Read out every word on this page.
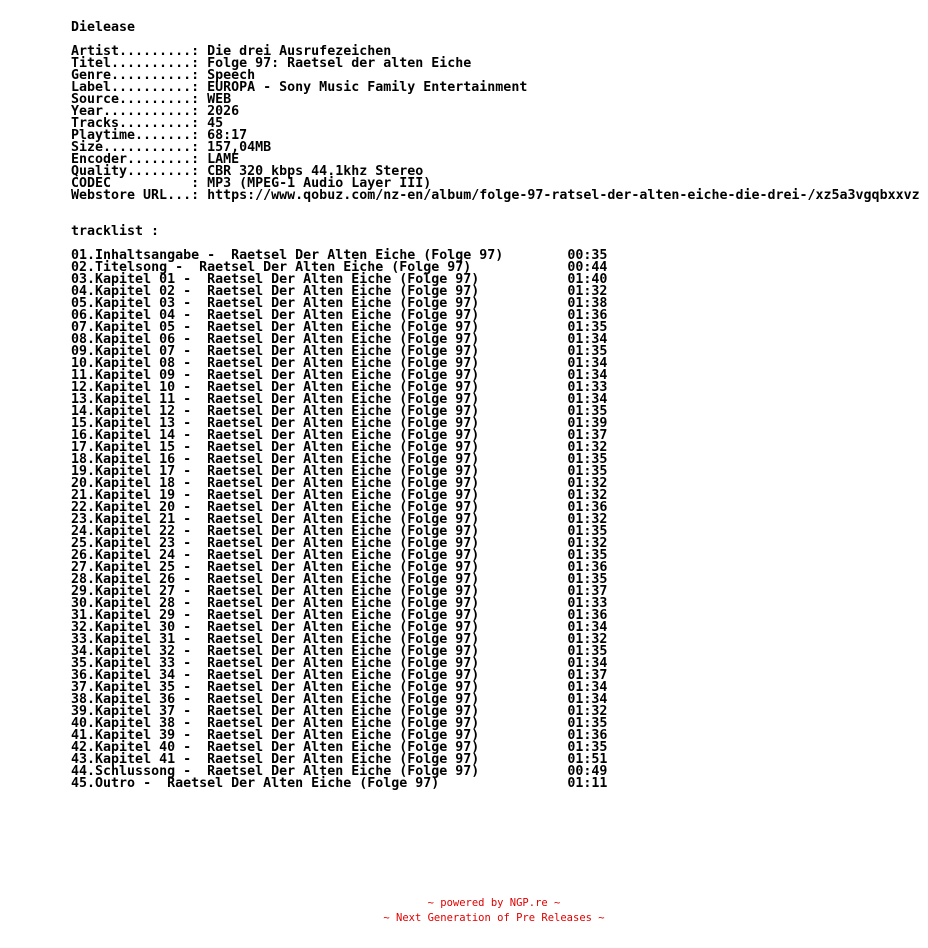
Dielease
Artist.........: Die drei Ausrufezeichen
Titel..........: Folge 97: Raetsel der alten Eiche
Genre..........: Speech
Label..........: EUROPA - Sony Music Family Entertainment
Source.........: WEB
Year...........: 2026
Tracks.........: 45
Playtime.......: 68:17
Size...........: 157,04MB
Encoder........: LAME
Quality........: CBR 320 kbps 44.1khz Stereo
CODEC          : MP3 (MPEG-1 Audio Layer III)
Webstore URL...: https://www.qobuz.com/nz-en/album/folge-97-ratsel-der-alten-eiche-die-drei-/xz5a3vgqbxxvz
tracklist :
01.Inhaltsangabe -  Raetsel Der Alten Eiche (Folge 97)	00:35
02.Titelsong -  Raetsel Der Alten Eiche (Folge 97)	00:44
03.Kapitel 01 -  Raetsel Der Alten Eiche (Folge 97)	01:40
04.Kapitel 02 -  Raetsel Der Alten Eiche (Folge 97)	01:32
05.Kapitel 03 -  Raetsel Der Alten Eiche (Folge 97)	01:38
06.Kapitel 04 -  Raetsel Der Alten Eiche (Folge 97)	01:36
07.Kapitel 05 -  Raetsel Der Alten Eiche (Folge 97)	01:35
08.Kapitel 06 -  Raetsel Der Alten Eiche (Folge 97)	01:34
09.Kapitel 07 -  Raetsel Der Alten Eiche (Folge 97)	01:35
10.Kapitel 08 -  Raetsel Der Alten Eiche (Folge 97)	01:34
11.Kapitel 09 -  Raetsel Der Alten Eiche (Folge 97)	01:34
12.Kapitel 10 -  Raetsel Der Alten Eiche (Folge 97)	01:33
13.Kapitel 11 -  Raetsel Der Alten Eiche (Folge 97)	01:34
14.Kapitel 12 -  Raetsel Der Alten Eiche (Folge 97)	01:35
15.Kapitel 13 -  Raetsel Der Alten Eiche (Folge 97)	01:39
16.Kapitel 14 -  Raetsel Der Alten Eiche (Folge 97)	01:37
17.Kapitel 15 -  Raetsel Der Alten Eiche (Folge 97)	01:32
18.Kapitel 16 -  Raetsel Der Alten Eiche (Folge 97)	01:35
19.Kapitel 17 -  Raetsel Der Alten Eiche (Folge 97)	01:35
20.Kapitel 18 -  Raetsel Der Alten Eiche (Folge 97)	01:32
21.Kapitel 19 -  Raetsel Der Alten Eiche (Folge 97)	01:32
22.Kapitel 20 -  Raetsel Der Alten Eiche (Folge 97)	01:36
23.Kapitel 21 -  Raetsel Der Alten Eiche (Folge 97)	01:32
24.Kapitel 22 -  Raetsel Der Alten Eiche (Folge 97)	01:35
25.Kapitel 23 -  Raetsel Der Alten Eiche (Folge 97)	01:32
26.Kapitel 24 -  Raetsel Der Alten Eiche (Folge 97)	01:35
27.Kapitel 25 -  Raetsel Der Alten Eiche (Folge 97)	01:36
28.Kapitel 26 -  Raetsel Der Alten Eiche (Folge 97)	01:35
29.Kapitel 27 -  Raetsel Der Alten Eiche (Folge 97)	01:37
30.Kapitel 28 -  Raetsel Der Alten Eiche (Folge 97)	01:33
31.Kapitel 29 -  Raetsel Der Alten Eiche (Folge 97)	01:36
32.Kapitel 30 -  Raetsel Der Alten Eiche (Folge 97)	01:34
33.Kapitel 31 -  Raetsel Der Alten Eiche (Folge 97)	01:32
34.Kapitel 32 -  Raetsel Der Alten Eiche (Folge 97)	01:35
35.Kapitel 33 -  Raetsel Der Alten Eiche (Folge 97)	01:34
36.Kapitel 34 -  Raetsel Der Alten Eiche (Folge 97)	01:37
37.Kapitel 35 -  Raetsel Der Alten Eiche (Folge 97)	01:34
38.Kapitel 36 -  Raetsel Der Alten Eiche (Folge 97)	01:34
39.Kapitel 37 -  Raetsel Der Alten Eiche (Folge 97)	01:32
40.Kapitel 38 -  Raetsel Der Alten Eiche (Folge 97)	01:35
41.Kapitel 39 -  Raetsel Der Alten Eiche (Folge 97)	01:36
42.Kapitel 40 -  Raetsel Der Alten Eiche (Folge 97)	01:35
43.Kapitel 41 -  Raetsel Der Alten Eiche (Folge 97)	01:51
44.Schlussong -  Raetsel Der Alten Eiche (Folge 97)	00:49
45.Outro -  Raetsel Der Alten Eiche (Folge 97)	01:11
~ powered by NGP.re ~
~ Next Generation of Pre Releases ~
